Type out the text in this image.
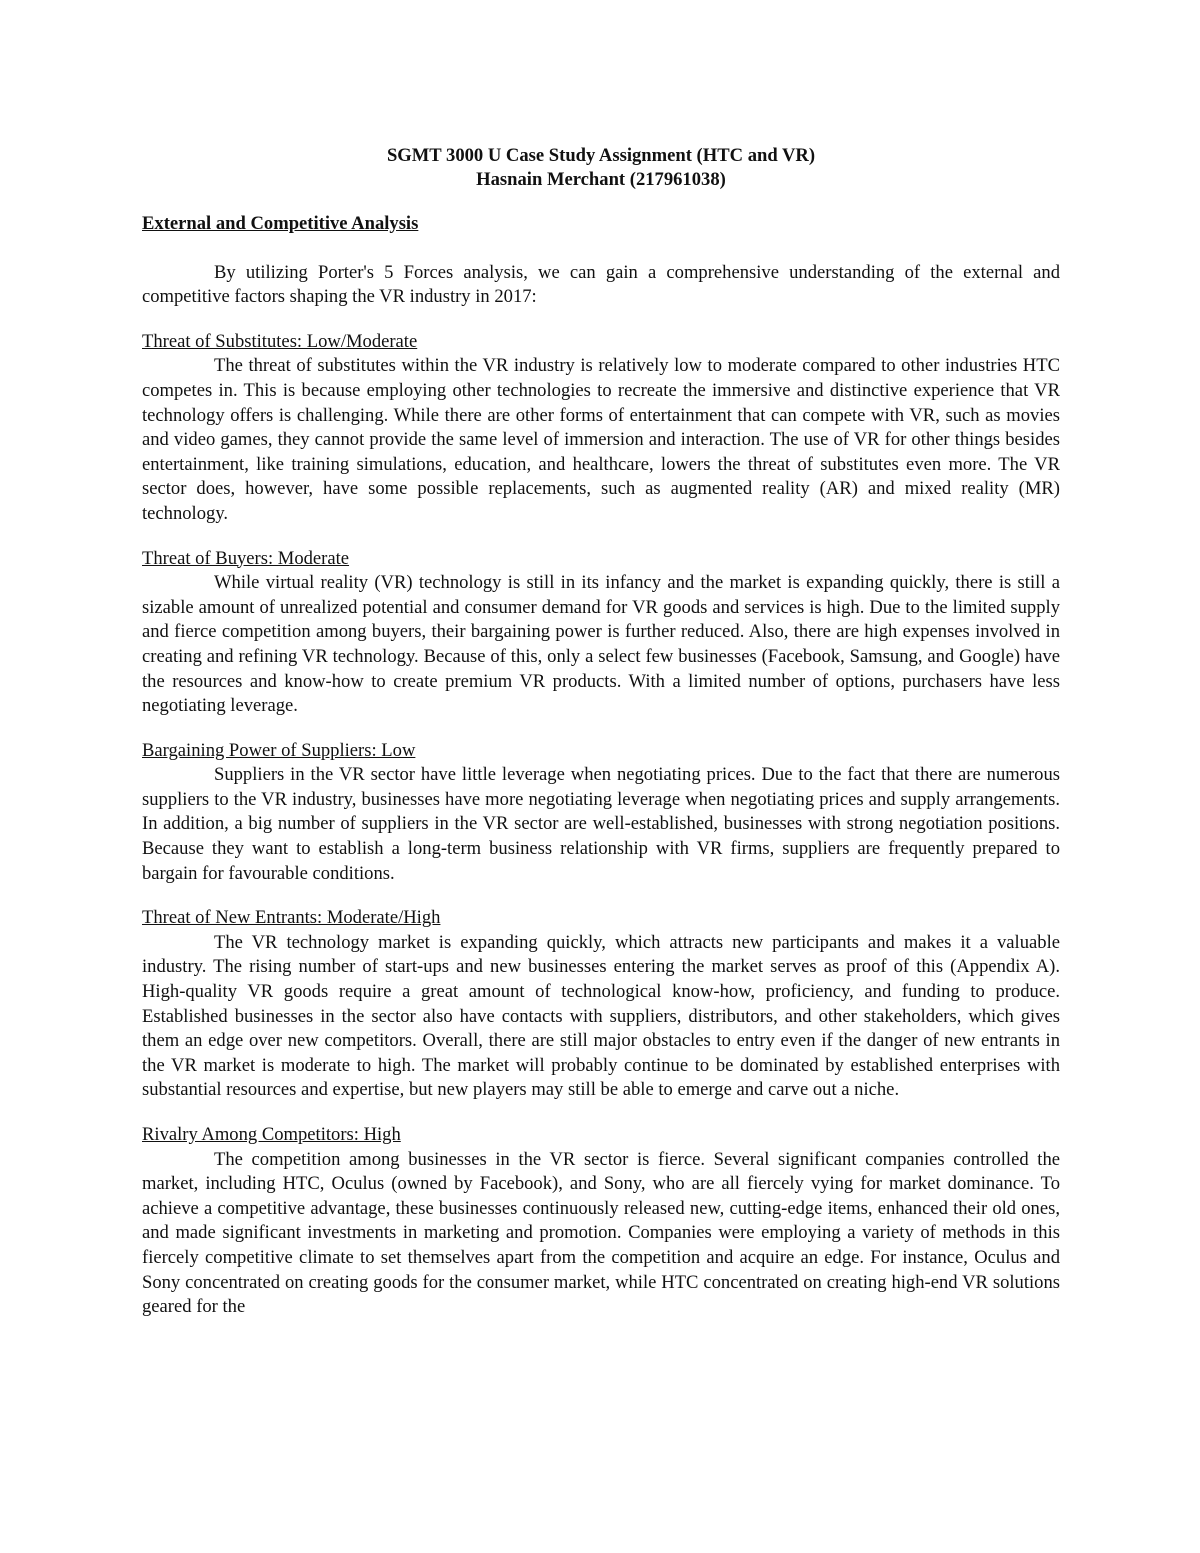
SGMT 3000 U Case Study Assignment (HTC and VR)
Hasnain Merchant (217961038)
External and Competitive Analysis

By utilizing Porter's 5 Forces analysis, we can gain a comprehensive understanding of the external and competitive factors shaping the VR industry in 2017:

Threat of Substitutes: Low/Moderate

The threat of substitutes within the VR industry is relatively low to moderate compared to other industries HTC competes in. This is because employing other technologies to recreate the immersive and distinctive experience that VR technology offers is challenging. While there are other forms of entertainment that can compete with VR, such as movies and video games, they cannot provide the same level of immersion and interaction. The use of VR for other things besides entertainment, like training simulations, education, and healthcare, lowers the threat of substitutes even more. The VR sector does, however, have some possible replacements, such as augmented reality (AR) and mixed reality (MR) technology.

Threat of Buyers: Moderate

While virtual reality (VR) technology is still in its infancy and the market is expanding quickly, there is still a sizable amount of unrealized potential and consumer demand for VR goods and services is high. Due to the limited supply and fierce competition among buyers, their bargaining power is further reduced. Also, there are high expenses involved in creating and refining VR technology. Because of this, only a select few businesses (Facebook, Samsung, and Google) have the resources and know-how to create premium VR products. With a limited number of options, purchasers have less negotiating leverage.

Bargaining Power of Suppliers: Low

Suppliers in the VR sector have little leverage when negotiating prices. Due to the fact that there are numerous suppliers to the VR industry, businesses have more negotiating leverage when negotiating prices and supply arrangements. In addition, a big number of suppliers in the VR sector are well-established, businesses with strong negotiation positions. Because they want to establish a long-term business relationship with VR firms, suppliers are frequently prepared to bargain for favourable conditions.

Threat of New Entrants: Moderate/High

The VR technology market is expanding quickly, which attracts new participants and makes it a valuable industry. The rising number of start-ups and new businesses entering the market serves as proof of this (Appendix A). High-quality VR goods require a great amount of technological know-how, proficiency, and funding to produce. Established businesses in the sector also have contacts with suppliers, distributors, and other stakeholders, which gives them an edge over new competitors. Overall, there are still major obstacles to entry even if the danger of new entrants in the VR market is moderate to high. The market will probably continue to be dominated by established enterprises with substantial resources and expertise, but new players may still be able to emerge and carve out a niche.

Rivalry Among Competitors: High

The competition among businesses in the VR sector is fierce. Several significant companies controlled the market, including HTC, Oculus (owned by Facebook), and Sony, who are all fiercely vying for market dominance. To achieve a competitive advantage, these businesses continuously released new, cutting-edge items, enhanced their old ones, and made significant investments in marketing and promotion. Companies were employing a variety of methods in this fiercely competitive climate to set themselves apart from the competition and acquire an edge. For instance, Oculus and Sony concentrated on creating goods for the consumer market, while HTC concentrated on creating high-end VR solutions geared for the
